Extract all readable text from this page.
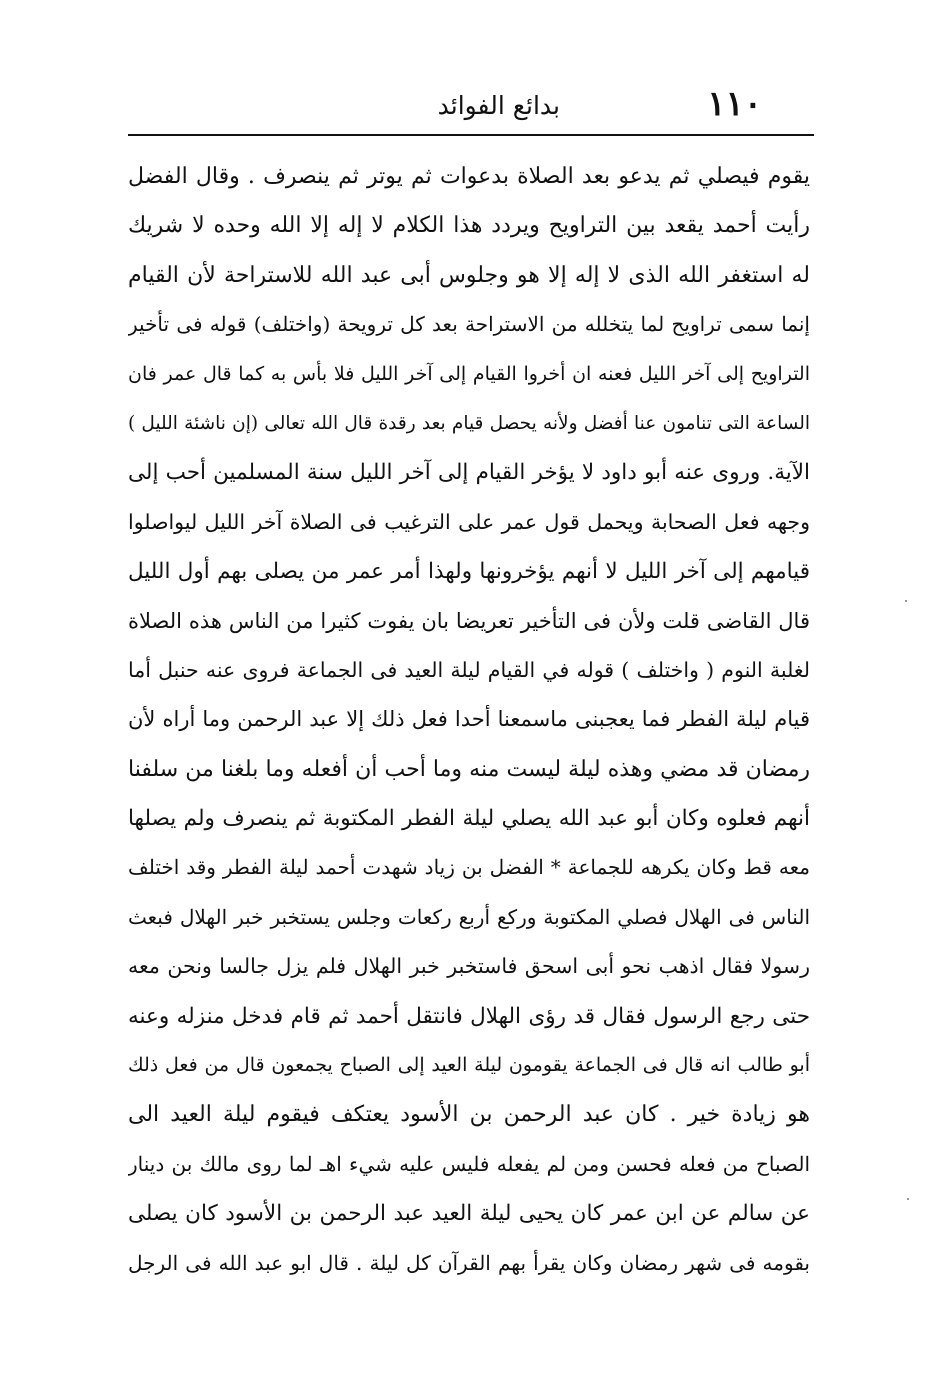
١١٠
بدائع الفوائد
يقوم فيصلي ثم يدعو بعد الصلاة بدعوات ثم يوتر ثم ينصرف . وقال الفضل
رأيت أحمد يقعد بين التراويح ويردد هذا الكلام لا إله إلا الله وحده لا شريك
له استغفر الله الذى لا إله إلا هو وجلوس أبى عبد الله للاستراحة لأن القيام
إنما سمى تراويح لما يتخلله من الاستراحة بعد كل ترويحة (واختلف) قوله فى تأخير
التراويح إلى آخر الليل فعنه ان أخروا القيام إلى آخر الليل فلا بأس به كما قال عمر فان
الساعة التى تنامون عنا أفضل ولأنه يحصل قيام بعد رقدة قال الله تعالى (إن ناشئة الليل )
الآية. وروى عنه أبو داود لا يؤخر القيام إلى آخر الليل سنة المسلمين أحب إلى
وجهه فعل الصحابة ويحمل قول عمر على الترغيب فى الصلاة آخر الليل ليواصلوا
قيامهم إلى آخر الليل لا أنهم يؤخرونها ولهذا أمر عمر من يصلى بهم أول الليل
قال القاضى قلت ولأن فى التأخير تعريضا بان يفوت كثيرا من الناس هذه الصلاة
لغلبة النوم ( واختلف ) قوله في القيام ليلة العيد فى الجماعة فروى عنه حنبل أما
قيام ليلة الفطر فما يعجبنى ماسمعنا أحدا فعل ذلك إلا عبد الرحمن وما أراه لأن
رمضان قد مضي وهذه ليلة ليست منه وما أحب أن أفعله وما بلغنا من سلفنا
أنهم فعلوه وكان أبو عبد الله يصلي ليلة الفطر المكتوبة ثم ينصرف ولم يصلها
معه قط وكان يكرهه للجماعة * الفضل بن زياد شهدت أحمد ليلة الفطر وقد اختلف
الناس فى الهلال فصلي المكتوبة وركع أربع ركعات وجلس يستخبر خبر الهلال فبعث
رسولا فقال اذهب نحو أبى اسحق فاستخبر خبر الهلال فلم يزل جالسا ونحن معه
حتى رجع الرسول فقال قد رؤى الهلال فانتقل أحمد ثم قام فدخل منزله وعنه
أبو طالب انه قال فى الجماعة يقومون ليلة العيد إلى الصباح يجمعون قال من فعل ذلك
هو زيادة خير . كان عبد الرحمن بن الأسود يعتكف فيقوم ليلة العيد الى
الصباح من فعله فحسن ومن لم يفعله فليس عليه شيء اهـ لما روى مالك بن دينار
عن سالم عن ابن عمر كان يحيى ليلة العيد عبد الرحمن بن الأسود كان يصلى
بقومه فى شهر رمضان وكان يقرأ بهم القرآن كل ليلة . قال ابو عبد الله فى الرجل
